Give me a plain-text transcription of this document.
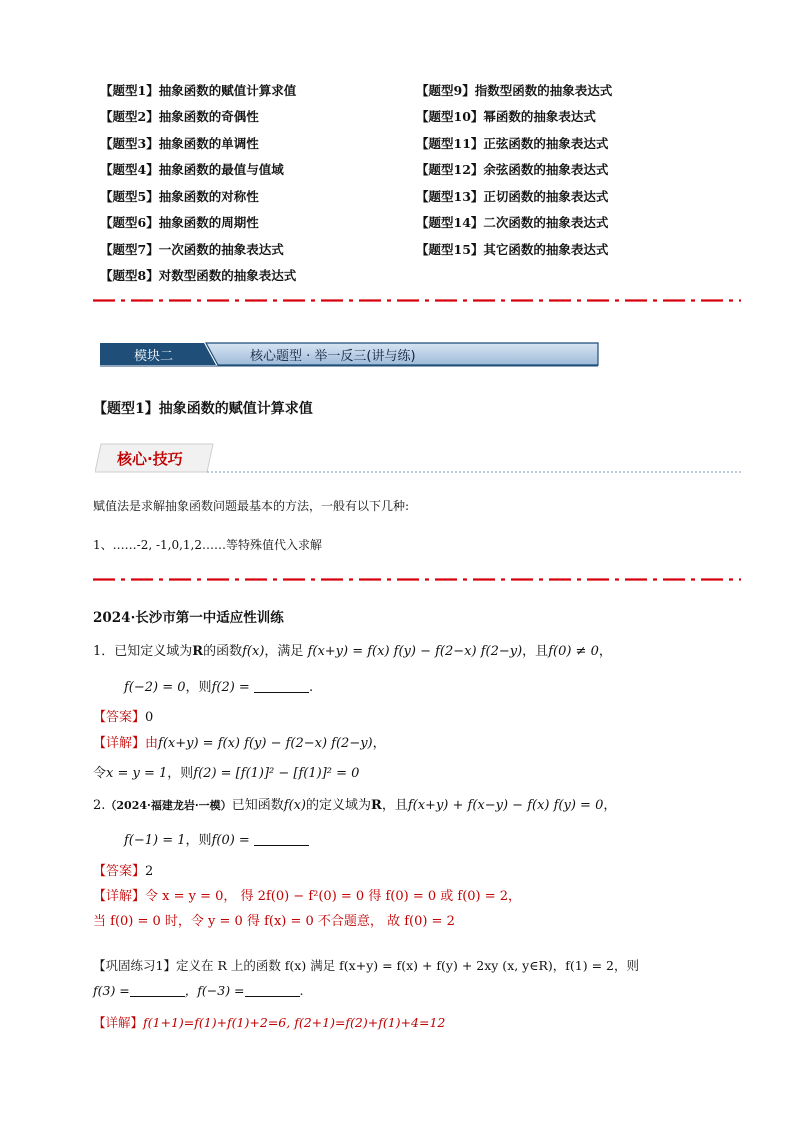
【题型1】抽象函数的赋值计算求值
【题型2】抽象函数的奇偶性
【题型3】抽象函数的单调性
【题型4】抽象函数的最值与值域
【题型5】抽象函数的对称性
【题型6】抽象函数的周期性
【题型7】一次函数的抽象表达式
【题型8】对数型函数的抽象表达式
【题型9】指数型函数的抽象表达式
【题型10】幂函数的抽象表达式
【题型11】正弦函数的抽象表达式
【题型12】余弦函数的抽象表达式
【题型13】正切函数的抽象表达式
【题型14】二次函数的抽象表达式
【题型15】其它函数的抽象表达式
模块二	核心题型 · 举一反三(讲与练)
【题型1】抽象函数的赋值计算求值
核心·技巧
赋值法是求解抽象函数问题最基本的方法，一般有以下几种:
1、……-2, -1,0,1,2……等特殊值代入求解
2024·长沙市第一中适应性训练
1．已知定义域为R的函数f(x)，满足 f(x+y) = f(x) f(y) − f(2−x) f(2−y)，且f(0) ≠ 0，
f(−2) = 0，则f(2) =	.
【答案】0
【详解】由f(x+y) = f(x) f(y) − f(2−x) f(2−y)，
令x = y = 1，则f(2) = [f(1)]² − [f(1)]² = 0
2.（2024·福建龙岩·一模）已知函数f(x)的定义域为R，且f(x+y) + f(x−y) − f(x) f(y) = 0，
f(−1) = 1，则f(0) =
【答案】2
【详解】令 x = y = 0， 得 2f(0) − f²(0) = 0 得 f(0) = 0 或 f(0) = 2，
当 f(0) = 0 时，令 y = 0 得 f(x) = 0 不合题意， 故 f(0) = 2
【巩固练习1】定义在 R 上的函数 f(x) 满足 f(x+y) = f(x) + f(y) + 2xy (x, y∈R)，f(1) = 2，则
f(3) =	，f(−3) =	.
【详解】f(1+1)=f(1)+f(1)+2=6, f(2+1)=f(2)+f(1)+4=12
